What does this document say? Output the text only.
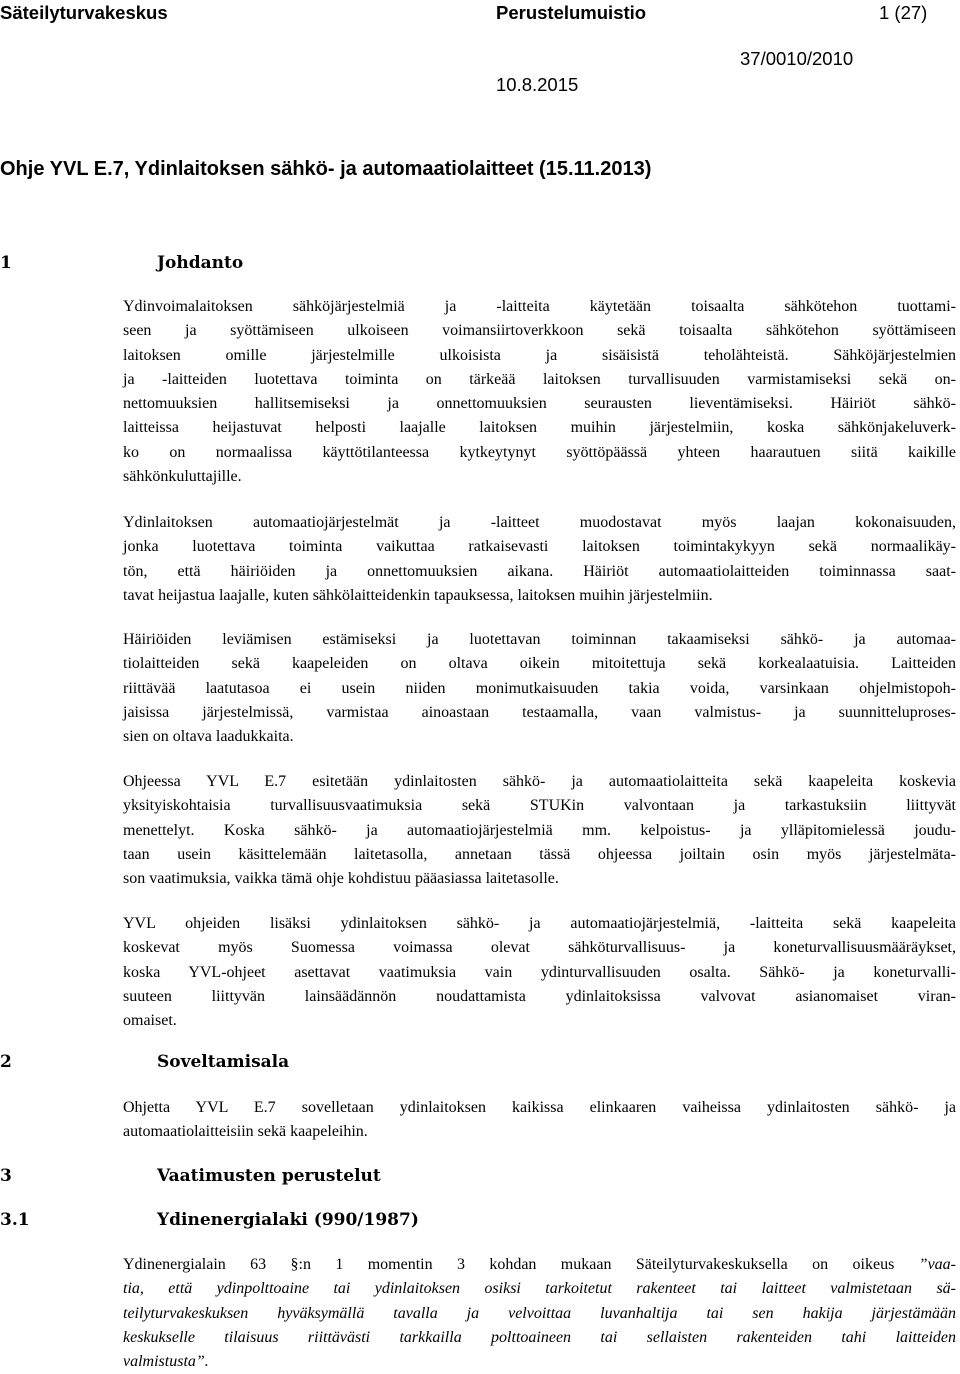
Säteilyturvakeskus	Perustelumuistio	1 (27)
37/0010/2010
10.8.2015
Ohje YVL E.7, Ydinlaitoksen sähkö- ja automaatiolaitteet (15.11.2013)
1	Johdanto
Ydinvoimalaitoksen sähköjärjestelmiä ja -laitteita käytetään toisaalta sähkötehon tuottami-
seen ja syöttämiseen ulkoiseen voimansiirtoverkkoon sekä toisaalta sähkötehon syöttämiseen
laitoksen omille järjestelmille ulkoisista ja sisäisistä teholähteistä. Sähköjärjestelmien
ja -laitteiden luotettava toiminta on tärkeää laitoksen turvallisuuden varmistamiseksi sekä on-
nettomuuksien hallitsemiseksi ja onnettomuuksien seurausten lieventämiseksi. Häiriöt sähkö-
laitteissa heijastuvat helposti laajalle laitoksen muihin järjestelmiin, koska sähkönjakeluverk-
ko on normaalissa käyttötilanteessa kytkeytynyt syöttöpäässä yhteen haarautuen siitä kaikille
sähkönkuluttajille.
Ydinlaitoksen automaatiojärjestelmät ja -laitteet muodostavat myös laajan kokonaisuuden,
jonka luotettava toiminta vaikuttaa ratkaisevasti laitoksen toimintakykyyn sekä normaalikäy-
tön, että häiriöiden ja onnettomuuksien aikana. Häiriöt automaatiolaitteiden toiminnassa saat-
tavat heijastua laajalle, kuten sähkölaitteidenkin tapauksessa, laitoksen muihin järjestelmiin.
Häiriöiden leviämisen estämiseksi ja luotettavan toiminnan takaamiseksi sähkö- ja automaa-
tiolaitteiden sekä kaapeleiden on oltava oikein mitoitettuja sekä korkealaatuisia. Laitteiden
riittävää laatutasoa ei usein niiden monimutkaisuuden takia voida, varsinkaan ohjelmistopoh-
jaisissa järjestelmissä, varmistaa ainoastaan testaamalla, vaan valmistus- ja suunnitteluproses-
sien on oltava laadukkaita.
Ohjeessa YVL E.7 esitetään ydinlaitosten sähkö- ja automaatiolaitteita sekä kaapeleita koskevia
yksityiskohtaisia turvallisuusvaatimuksia sekä STUKin valvontaan ja tarkastuksiin liittyvät
menettelyt. Koska sähkö- ja automaatiojärjestelmiä mm. kelpoistus- ja ylläpitomielessä joudu-
taan usein käsittelemään laitetasolla, annetaan tässä ohjeessa joiltain osin myös järjestelmäta-
son vaatimuksia, vaikka tämä ohje kohdistuu pääasiassa laitetasolle.
YVL ohjeiden lisäksi ydinlaitoksen sähkö- ja automaatiojärjestelmiä, -laitteita sekä kaapeleita
koskevat myös Suomessa voimassa olevat sähköturvallisuus- ja koneturvallisuusmääräykset,
koska YVL-ohjeet asettavat vaatimuksia vain ydinturvallisuuden osalta. Sähkö- ja koneturvalli-
suuteen liittyvän lainsäädännön noudattamista ydinlaitoksissa valvovat asianomaiset viran-
omaiset.
2	Soveltamisala
Ohjetta YVL E.7 sovelletaan ydinlaitoksen kaikissa elinkaaren vaiheissa ydinlaitosten sähkö- ja
automaatiolaitteisiin sekä kaapeleihin.
3	Vaatimusten perustelut
3.1	Ydinenergialaki (990/1987)
Ydinenergialain 63 §:n 1 momentin 3 kohdan mukaan Säteilyturvakeskuksella on oikeus ”vaa-
tia, että ydinpolttoaine tai ydinlaitoksen osiksi tarkoitetut rakenteet tai laitteet valmistetaan sä-
teilyturvakeskuksen hyväksymällä tavalla ja velvoittaa luvanhaltija tai sen hakija järjestämään
keskukselle tilaisuus riittävästi tarkkailla polttoaineen tai sellaisten rakenteiden tahi laitteiden
valmistusta”.
